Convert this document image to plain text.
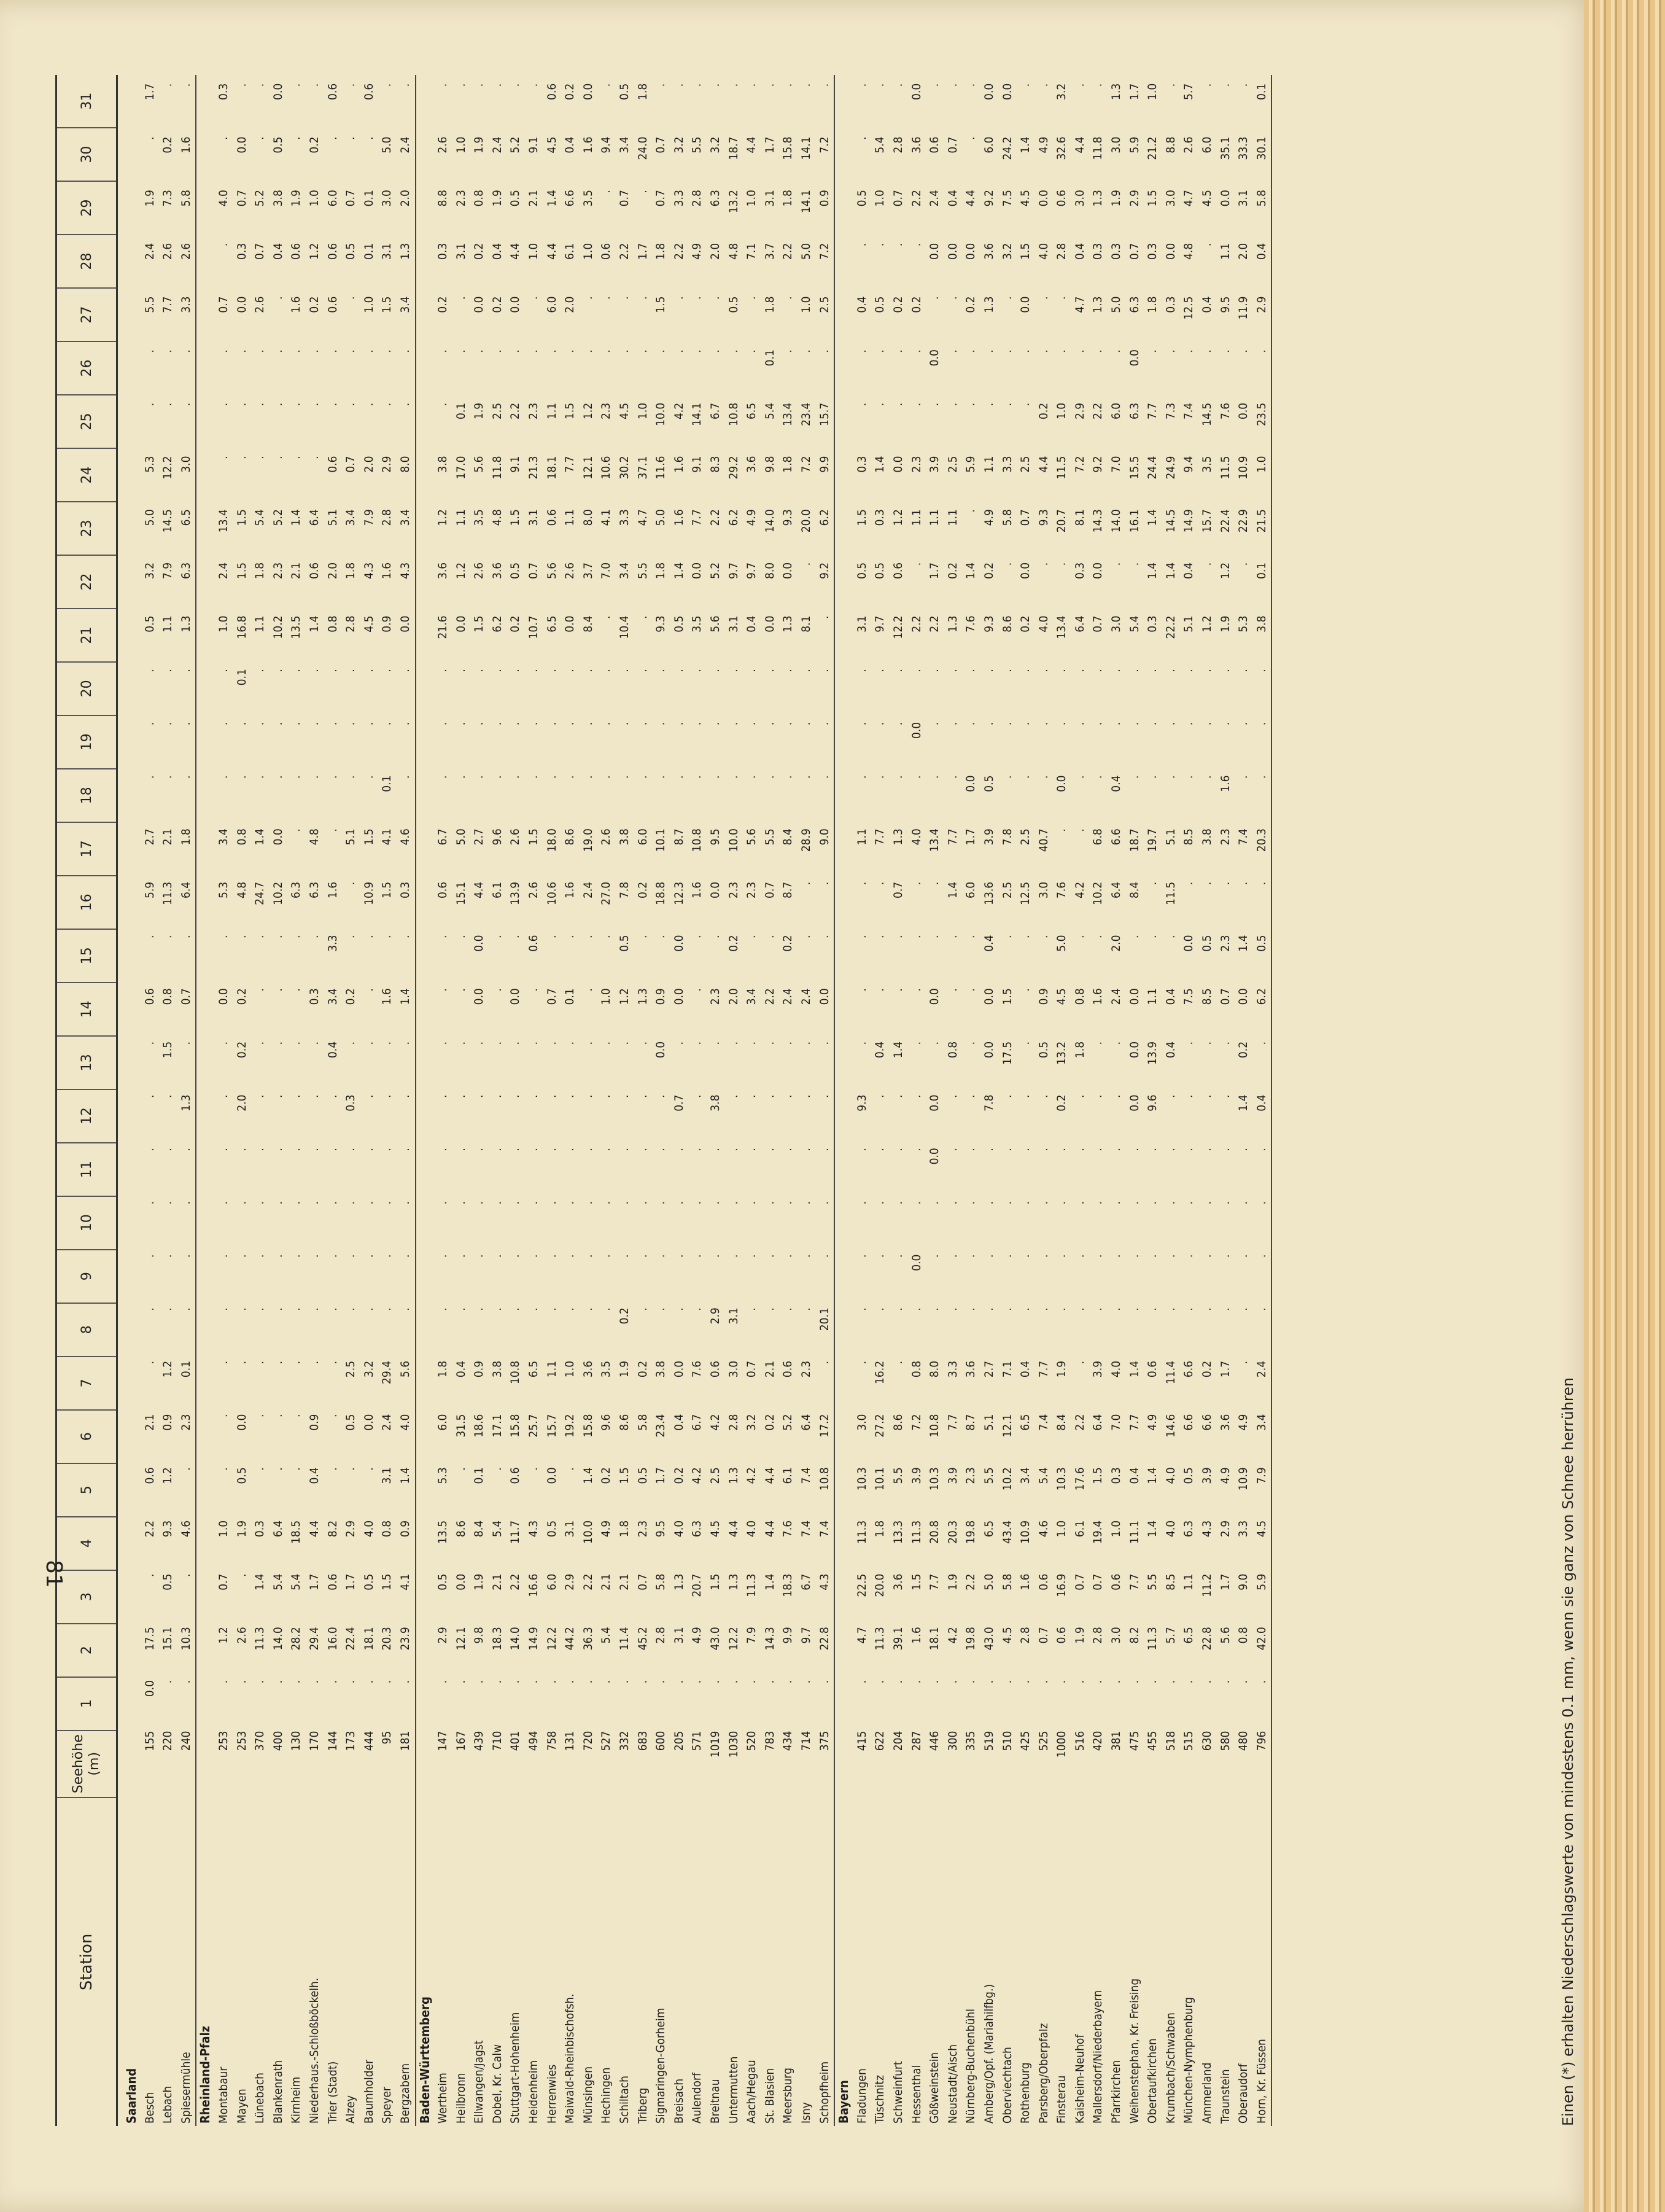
Station
Seehöhe (m)
1
2
3
4
5
6
7
8
9
10
11
12
13
14
15
16
17
18
19
20
21
22
23
24
25
26
27
28
29
30
31
Saarland Besch
155
0.0
17.5
.
2.2
0.6
2.1
.
.
.
.
.
.
.
0.6
.
5.9
2.7
.
.
.
0.5
3.2
5.0
5.3
.
.
5.5
2.4
1.9
.
1.7
Lebach
220
.
15.1
0.5
9.3
1.2
0.9
1.2
.
.
.
.
.
1.5
0.8
.
11.3
2.1
.
.
.
1.1
7.9
14.5
12.2
.
.
7.7
2.6
7.3
0.2
.
Spiesermühle
240
.
10.3
.
4.6
.
2.3
0.1
.
.
.
.
1.3
.
0.7
.
6.4
1.8
.
.
.
1.3
6.3
6.5
3.0
.
.
3.3
2.6
5.8
1.6
.
Rheinland-Pfalz Montabaur
253
.
1.2
0.7
1.0
.
.
.
.
.
.
.
.
.
0.0
.
5.3
3.4
.
.
.
1.0
2.4
13.4
.
.
.
0.7
.
4.0
.
0.3
Mayen
253
.
2.6
.
1.9
0.5
0.0
.
.
.
.
.
2.0
0.2
0.2
.
4.8
0.8
.
.
0.1
16.8
1.5
1.5
.
.
.
0.0
0.3
0.7
0.0
.
Lünebach
370
.
11.3
1.4
0.3
.
.
.
.
.
.
.
.
.
.
.
24.7
1.4
.
.
.
1.1
1.8
5.4
.
.
.
2.6
0.7
5.2
.
.
Blankenrath
400
.
14.0
5.4
6.4
.
.
.
.
.
.
.
.
.
.
.
10.2
0.0
.
.
.
10.2
2.3
5.2
.
.
.
.
0.4
3.8
0.5
0.0
Kirnheim
130
.
28.2
5.4
18.5
.
.
.
.
.
.
.
.
.
.
.
6.3
.
.
.
.
13.5
2.1
1.4
.
.
.
1.6
0.6
1.9
.
.
Niederhaus.-Schloßböckelh.
170
.
29.4
1.7
4.4
0.4
0.9
.
.
.
.
.
.
.
0.3
.
6.3
4.8
.
.
.
1.4
0.6
6.4
.
.
.
0.2
1.2
1.0
0.2
.
Trier (Stadt)
144
.
16.0
0.6
8.2
.
.
.
.
.
.
.
.
0.4
3.4
3.3
1.6
.
.
.
.
0.8
2.0
5.1
0.6
.
.
0.6
0.6
6.0
.
0.6
Alzey
173
.
22.4
1.7
2.9
.
0.5
2.5
.
.
.
.
0.3
.
0.2
.
.
5.1
.
.
.
2.8
1.8
3.4
0.7
.
.
.
0.5
0.7
.
.
Baumholder
444
.
18.1
0.5
4.0
.
0.0
3.2
.
.
.
.
.
.
.
.
10.9
1.5
.
.
.
4.5
4.3
7.9
2.0
.
.
1.0
0.1
0.1
.
0.6
Speyer
95
.
20.3
1.5
0.8
3.1
2.4
29.4
.
.
.
.
.
.
1.6
.
1.5
4.1
0.1
.
.
0.9
1.6
2.8
2.9
.
.
1.5
3.1
3.0
5.0
.
Bergzabern
181
.
23.9
4.1
0.9
1.4
4.0
5.6
.
.
.
.
.
.
1.4
.
0.3
4.6
.
.
.
0.0
4.3
3.4
8.0
.
.
3.4
1.3
2.0
2.4
.
Baden-Württemberg Wertheim
147
.
2.9
0.5
13.5
5.3
6.0
1.8
.
.
.
.
.
.
.
.
0.6
6.7
.
.
.
21.6
3.6
1.2
3.8
.
.
0.2
0.3
8.8
2.6
.
Heilbronn
167
.
12.1
0.0
8.6
.
31.5
0.4
.
.
.
.
.
.
.
.
15.1
5.0
.
.
.
0.0
1.2
1.1
17.0
0.1
.
.
3.1
2.3
1.0
.
Ellwangen/Jagst
439
.
9.8
1.9
8.4
0.1
18.6
0.9
.
.
.
.
.
.
0.0
0.0
4.4
2.7
.
.
.
1.5
2.6
3.5
5.6
1.9
.
0.0
0.2
0.8
1.9
.
Dobel, Kr. Calw
710
.
18.3
2.1
5.4
.
17.1
3.8
.
.
.
.
.
.
.
.
6.1
9.6
.
.
.
6.2
3.6
4.8
11.8
2.5
.
0.2
0.4
1.9
2.4
.
Stuttgart-Hohenheim
401
.
14.0
2.2
11.7
0.6
15.8
10.8
.
.
.
.
.
.
0.0
.
13.9
2.6
.
.
.
0.2
0.5
1.5
9.1
2.2
.
0.0
4.4
0.5
5.2
.
Heidenheim
494
.
14.9
16.6
4.3
.
25.7
6.5
.
.
.
.
.
.
.
0.6
2.6
1.5
.
.
.
10.7
0.7
3.1
21.3
2.3
.
.
1.0
2.1
9.1
.
Herrenwies
758
.
12.2
6.0
0.5
0.0
15.7
1.1
.
.
.
.
.
.
0.7
.
10.6
18.0
.
.
.
6.5
5.6
0.6
18.1
1.1
.
6.0
4.4
1.4
4.5
0.6
Maiwald-Rheinbischofsh.
131
.
44.2
2.9
3.1
.
19.2
1.0
.
.
.
.
.
.
0.1
.
1.6
8.6
.
.
.
0.0
2.6
1.1
7.7
1.5
.
2.0
6.1
6.6
0.4
0.2
Münsingen
720
.
36.3
2.2
10.0
1.4
15.8
3.6
.
.
.
.
.
.
.
.
2.4
19.0
.
.
.
8.4
3.7
8.0
12.1
1.2
.
.
1.0
3.5
1.6
0.0
Hechingen
527
.
5.4
2.1
4.9
0.2
9.6
3.5
.
.
.
.
.
.
1.0
.
27.0
2.6
.
.
.
.
7.0
4.1
10.6
2.3
.
.
0.6
.
9.4
.
Schiltach
332
.
11.4
2.1
1.8
1.5
8.6
1.9
0.2
.
.
.
.
.
1.2
0.5
7.8
3.8
.
.
.
10.4
3.4
3.3
30.2
4.5
.
.
2.2
0.7
3.4
0.5
Triberg
683
.
45.2
0.7
2.3
0.5
5.8
0.2
.
.
.
.
.
.
1.3
.
0.2
6.0
.
.
.
.
5.5
4.7
37.1
1.0
.
.
1.7
.
24.0
1.8
Sigmaringen-Gorheim
600
.
2.8
5.8
9.5
1.7
23.4
3.8
.
.
.
.
.
0.0
0.9
.
18.8
10.1
.
.
.
9.3
1.8
5.0
11.6
10.0
.
1.5
1.8
0.7
0.7
.
Breisach
205
.
3.1
1.3
4.0
0.2
0.4
0.0
.
.
.
.
0.7
.
0.0
0.0
12.3
8.7
.
.
.
0.5
1.4
1.6
1.6
4.2
.
.
2.2
3.3
3.2
.
Aulendorf
571
.
4.9
20.7
6.3
4.2
6.7
7.6
.
.
.
.
.
.
.
.
1.6
10.8
.
.
.
3.5
0.0
7.7
9.1
14.1
.
.
4.9
2.8
5.5
.
Breitnau
1019
.
43.0
1.5
4.5
2.5
4.2
0.6
2.9
.
.
.
3.8
.
2.3
.
0.0
9.5
.
.
.
5.6
5.2
2.2
8.3
6.7
.
.
2.0
6.3
3.2
.
Untermutten
1030
.
12.2
1.3
4.4
1.3
2.8
3.0
3.1
.
.
.
.
.
2.0
0.2
2.3
10.0
.
.
.
3.1
9.7
6.2
29.2
10.8
.
0.5
4.8
13.2
18.7
.
Aach/Hegau
520
.
7.9
11.3
4.0
4.2
3.2
0.7
.
.
.
.
.
.
3.4
.
2.3
5.6
.
.
.
0.4
9.7
4.9
3.6
6.5
.
.
7.1
1.0
4.4
.
St. Blasien
783
.
14.3
1.4
4.4
4.4
0.2
2.1
.
.
.
.
.
.
2.2
.
0.7
5.5
.
.
.
0.0
8.0
14.0
9.8
5.4
0.1
1.8
3.7
3.1
1.7
.
Meersburg
434
.
9.9
18.3
7.6
6.1
5.2
0.6
.
.
.
.
.
.
2.4
0.2
8.7
8.4
.
.
.
1.3
0.0
9.3
1.8
13.4
.
.
2.2
1.8
15.8
.
Isny
714
.
9.7
6.7
7.4
7.4
6.4
2.3
.
.
.
.
.
.
2.4
.
.
28.9
.
.
.
8.1
.
20.0
7.2
23.4
.
1.0
5.0
14.1
14.1
.
Schopfheim
375
.
22.8
4.3
7.4
10.8
17.2
.
20.1
.
.
.
.
.
0.0
.
.
9.0
.
.
.
.
9.2
6.2
9.9
15.7
.
2.5
7.2
0.9
7.2
.
Bayern Fladungen
415
.
4.7
22.5
11.3
10.3
3.0
.
.
.
.
.
9.3
.
.
.
.
1.1
.
.
.
3.1
0.5
1.5
0.3
.
.
0.4
.
0.5
.
.
Tüschnitz
622
.
11.3
20.0
1.8
10.1
27.2
16.2
.
.
.
.
.
0.4
.
.
.
7.7
.
.
.
9.7
0.5
0.3
1.4
.
.
0.5
.
1.0
5.4
.
Schweinfurt
204
.
39.1
3.6
13.3
5.5
8.6
.
.
.
.
.
.
1.4
.
.
0.7
1.3
.
.
.
12.2
0.6
1.2
0.0
.
.
0.2
.
0.7
2.8
.
Hessenthal
287
.
1.6
1.5
11.3
3.9
7.2
0.8
.
0.0
.
.
.
.
.
.
.
4.0
.
0.0
.
2.2
.
1.1
2.3
.
.
0.2
.
2.2
3.6
0.0
Gößweinstein
446
.
18.1
7.7
20.8
10.3
10.8
8.0
.
.
.
0.0
0.0
.
0.0
.
.
13.4
.
.
.
2.2
1.7
1.1
3.9
.
0.0
.
0.0
2.4
0.6
.
Neustadt/Aisch
300
.
4.2
1.9
20.3
3.9
7.7
3.3
.
.
.
.
.
0.8
.
.
1.4
7.7
.
.
.
1.3
0.2
1.1
2.5
.
.
.
0.0
0.4
0.7
.
Nürnberg-Buchenbühl
335
.
19.8
2.2
19.8
2.3
8.7
3.6
.
.
.
.
.
.
.
.
6.0
1.7
0.0
.
.
7.6
1.4
.
5.9
.
.
0.2
0.0
4.4
.
.
Amberg/Opf. (Mariahilfbg.)
519
.
43.0
5.0
6.5
5.5
5.1
2.7
.
.
.
.
7.8
0.0
0.0
0.4
13.6
3.9
0.5
.
.
9.3
0.2
4.9
1.1
.
.
1.3
3.6
9.2
6.0
0.0
Oberviechtach
510
.
4.5
5.8
43.4
10.2
12.1
7.1
.
.
.
.
.
17.5
1.5
.
2.5
7.8
.
.
.
8.6
.
5.8
3.3
.
.
.
3.2
7.5
24.2
0.0
Rothenburg
425
.
2.8
1.6
10.9
3.4
6.5
0.4
.
.
.
.
.
.
.
.
12.5
2.5
.
.
.
0.2
0.0
0.7
2.5
.
.
0.0
1.5
4.5
1.4
.
Parsberg/Oberpfalz
525
.
0.7
0.6
4.6
5.4
7.4
7.7
.
.
.
.
.
0.5
0.9
.
3.0
40.7
.
.
.
4.0
.
9.3
4.4
0.2
.
.
4.0
0.0
4.9
.
Finsterau
1000
.
0.6
16.9
1.0
10.3
8.4
1.9
.
.
.
.
0.2
13.2
4.5
5.0
7.6
.
0.0
.
.
13.4
.
20.7
11.5
1.0
.
.
2.8
0.6
32.6
3.2
Kaisheim-Neuhof
516
.
1.9
0.7
6.1
17.6
2.2
.
.
.
.
.
.
1.8
0.8
.
4.2
.
.
.
.
6.4
0.3
8.1
7.2
2.9
.
4.7
0.4
3.0
4.4
.
Mallersdorf/Niederbayern
420
.
2.8
0.7
19.4
1.5
6.4
3.9
.
.
.
.
.
.
1.6
.
10.2
6.8
.
.
.
0.7
0.0
14.3
9.2
2.2
.
1.3
0.3
1.3
11.8
.
Pfarrkirchen
381
.
3.0
0.6
1.0
0.3
7.0
4.0
.
.
.
.
.
.
2.4
2.0
6.4
6.6
0.4
.
.
3.0
.
14.0
7.0
6.0
.
5.0
0.3
1.9
3.0
1.3
Weihenstephan, Kr. Freising
475
.
8.2
7.7
11.1
0.4
7.7
1.4
.
.
.
.
0.0
0.0
0.0
.
8.4
18.7
.
.
.
5.4
.
16.1
15.5
6.3
0.0
6.3
0.7
2.9
5.9
1.7
Obertaufkirchen
455
.
11.3
5.5
1.4
1.4
4.9
0.6
.
.
.
.
9.6
13.9
1.1
.
.
19.7
.
.
.
0.3
1.4
1.4
24.4
7.7
.
1.8
0.3
1.5
21.2
1.0
Krumbach/Schwaben
518
.
5.7
8.5
4.0
4.0
14.6
11.4
.
.
.
.
.
0.4
0.4
.
11.5
5.1
.
.
.
22.2
1.4
14.5
24.9
7.3
.
0.3
0.0
3.0
8.8
.
München-Nymphenburg
515
.
6.5
1.1
6.3
0.5
6.6
6.6
.
.
.
.
.
.
7.5
0.0
.
8.5
.
.
.
5.1
0.4
14.9
9.4
7.4
.
12.5
4.8
4.7
2.6
5.7
Ammerland
630
.
22.8
11.2
4.3
3.9
6.6
0.2
.
.
.
.
.
.
8.5
0.5
.
3.8
.
.
.
1.2
.
15.7
3.5
14.5
.
0.4
.
4.5
6.0
.
Traunstein
580
.
5.6
1.7
2.9
4.9
3.6
1.7
.
.
.
.
.
.
0.7
2.3
.
2.3
1.6
.
.
1.9
1.2
22.4
11.5
7.6
.
9.5
1.1
0.0
35.1
.
Oberaudorf
480
.
0.8
9.0
3.3
10.9
4.9
.
.
.
.
.
1.4
0.2
0.0
1.4
.
7.4
.
.
.
5.3
.
22.9
10.9
0.0
.
11.9
2.0
3.1
33.3
.
Horn, Kr. Füssen
796
.
42.0
5.9
4.5
7.9
3.4
2.4
.
.
.
.
0.4
.
6.2
0.5
.
20.3
.
.
.
3.8
0.1
21.5
1.0
23.5
.
2.9
0.4
5.8
30.1
0.1
Einen (*) erhalten Niederschlagswerte von mindestens 0.1 mm, wenn sie ganz von Schnee herrühren
81
